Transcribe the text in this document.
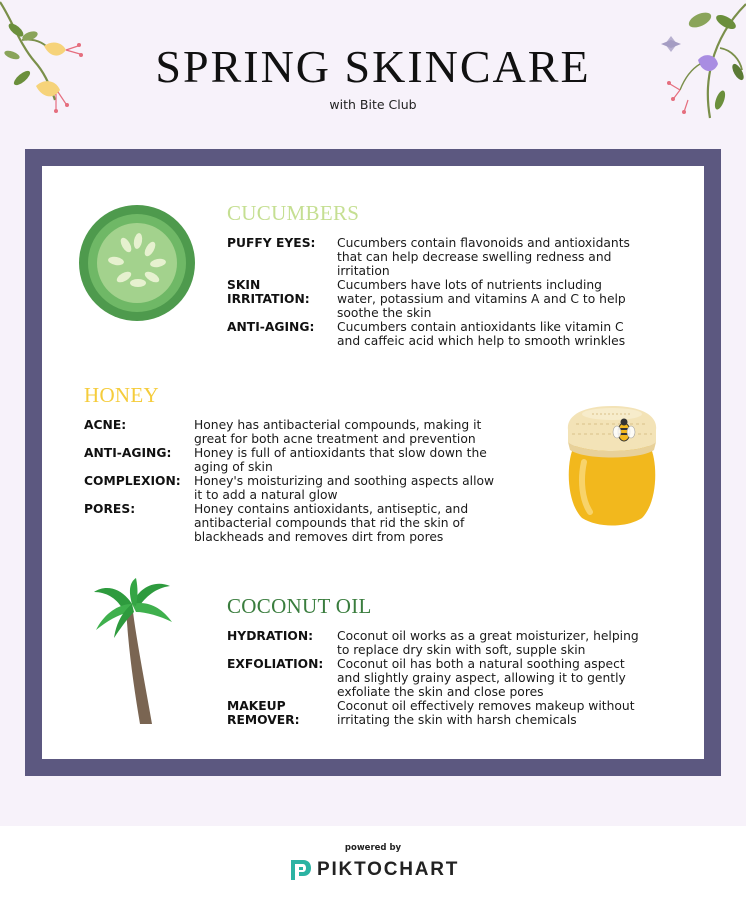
SPRING SKINCARE
with Bite Club
CUCUMBERS
PUFFY EYES: Cucumbers contain flavonoids and antioxidants
that can help decrease swelling redness and
irritation
SKIN
IRRITATION:
Cucumbers have lots of nutrients including
water, potassium and vitamins A and C to help
soothe the skin
ANTI-AGING: Cucumbers contain antioxidants like vitamin C
and caffeic acid which help to smooth wrinkles
HONEY
ACNE:	Honey has antibacterial compounds, making it
great for both acne treatment and prevention
ANTI-AGING: Honey is full of antioxidants that slow down the
aging of skin
COMPLEXION: Honey's moisturizing and soothing aspects allow
it to add a natural glow
PORES:	Honey contains antioxidants, antiseptic, and
antibacterial compounds that rid the skin of
blackheads and removes dirt from pores
COCONUT OIL
HYDRATION: Coconut oil works as a great moisturizer, helping
to replace dry skin with soft, supple skin
EXFOLIATION: Coconut oil has both a natural soothing aspect
and slightly grainy aspect, allowing it to gently
exfoliate the skin and close pores
MAKEUP
REMOVER:
Coconut oil effectively removes makeup without
irritating the skin with harsh chemicals
powered by
PIKTOCHART
